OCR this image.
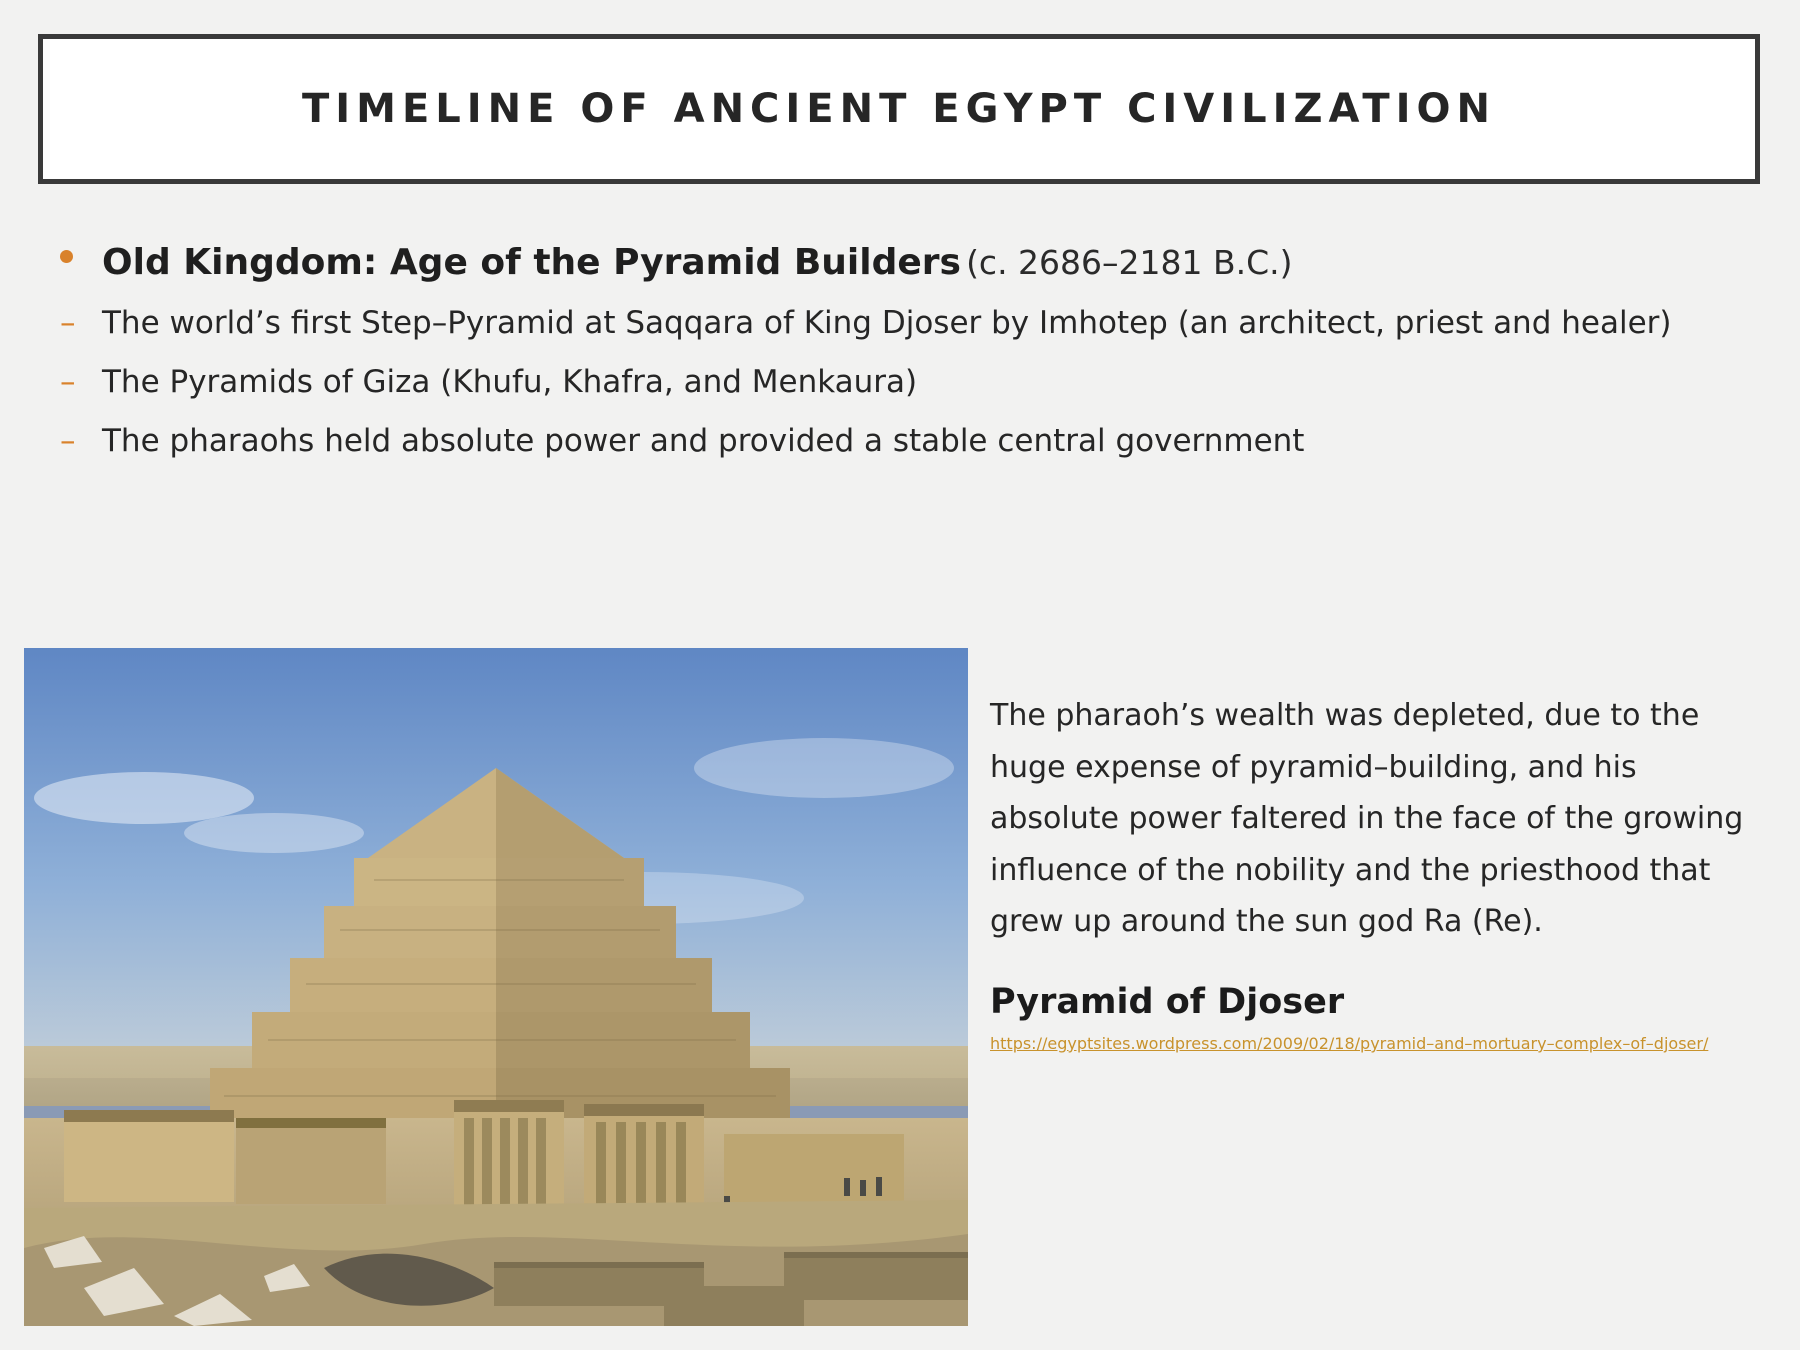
TIMELINE OF ANCIENT EGYPT CIVILIZATION
Old Kingdom: Age of the Pyramid Builders (c. 2686–2181 B.C.)
– The world’s first Step–Pyramid at Saqqara of King Djoser by Imhotep (an architect, priest and healer)
– The Pyramids of Giza (Khufu, Khafra, and Menkaura)
– The pharaohs held absolute power and provided a stable central government
The pharaoh’s wealth was depleted, due to the huge expense of pyramid–building, and his absolute power faltered in the face of the growing influence of the nobility and the priesthood that grew up around the sun god Ra (Re).
Pyramid of Djoser
https://egyptsites.wordpress.com/2009/02/18/pyramid–and–mortuary–complex–of–djoser/
